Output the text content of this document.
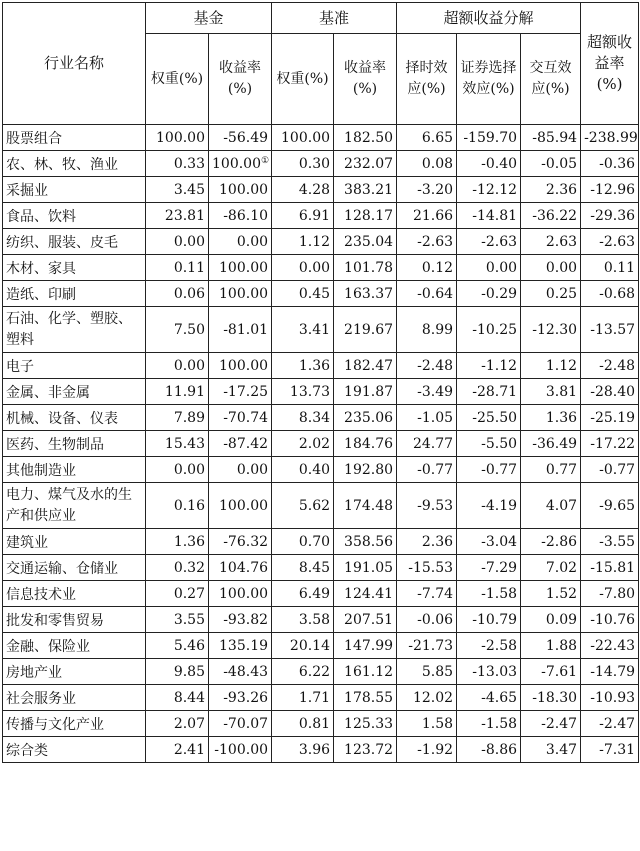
行业名称	基金		基准		超额收益分解			超额收益率(%)
	权重(%)	收益率(%)	权重(%)	收益率(%)	择时效应(%)	证券选择效应(%)	交互效应(%)	
股票组合	100.00	-56.49	100.00	182.50	6.65	-159.70	-85.94	-238.99
农、林、牧、渔业	0.33	100.00①	0.30	232.07	0.08	-0.40	-0.05	-0.36
采掘业	3.45	100.00	4.28	383.21	-3.20	-12.12	2.36	-12.96
食品、饮料	23.81	-86.10	6.91	128.17	21.66	-14.81	-36.22	-29.36
纺织、服装、皮毛	0.00	0.00	1.12	235.04	-2.63	-2.63	2.63	-2.63
木材、家具	0.11	100.00	0.00	101.78	0.12	0.00	0.00	0.11
造纸、印刷	0.06	100.00	0.45	163.37	-0.64	-0.29	0.25	-0.68
石油、化学、塑胶、塑料	7.50	-81.01	3.41	219.67	8.99	-10.25	-12.30	-13.57
电子	0.00	100.00	1.36	182.47	-2.48	-1.12	1.12	-2.48
金属、非金属	11.91	-17.25	13.73	191.87	-3.49	-28.71	3.81	-28.40
机械、设备、仪表	7.89	-70.74	8.34	235.06	-1.05	-25.50	1.36	-25.19
医药、生物制品	15.43	-87.42	2.02	184.76	24.77	-5.50	-36.49	-17.22
其他制造业	0.00	0.00	0.40	192.80	-0.77	-0.77	0.77	-0.77
电力、煤气及水的生产和供应业	0.16	100.00	5.62	174.48	-9.53	-4.19	4.07	-9.65
建筑业	1.36	-76.32	0.70	358.56	2.36	-3.04	-2.86	-3.55
交通运输、仓储业	0.32	104.76	8.45	191.05	-15.53	-7.29	7.02	-15.81
信息技术业	0.27	100.00	6.49	124.41	-7.74	-1.58	1.52	-7.80
批发和零售贸易	3.55	-93.82	3.58	207.51	-0.06	-10.79	0.09	-10.76
金融、保险业	5.46	135.19	20.14	147.99	-21.73	-2.58	1.88	-22.43
房地产业	9.85	-48.43	6.22	161.12	5.85	-13.03	-7.61	-14.79
社会服务业	8.44	-93.26	1.71	178.55	12.02	-4.65	-18.30	-10.93
传播与文化产业	2.07	-70.07	0.81	125.33	1.58	-1.58	-2.47	-2.47
综合类	2.41	-100.00	3.96	123.72	-1.92	-8.86	3.47	-7.31
